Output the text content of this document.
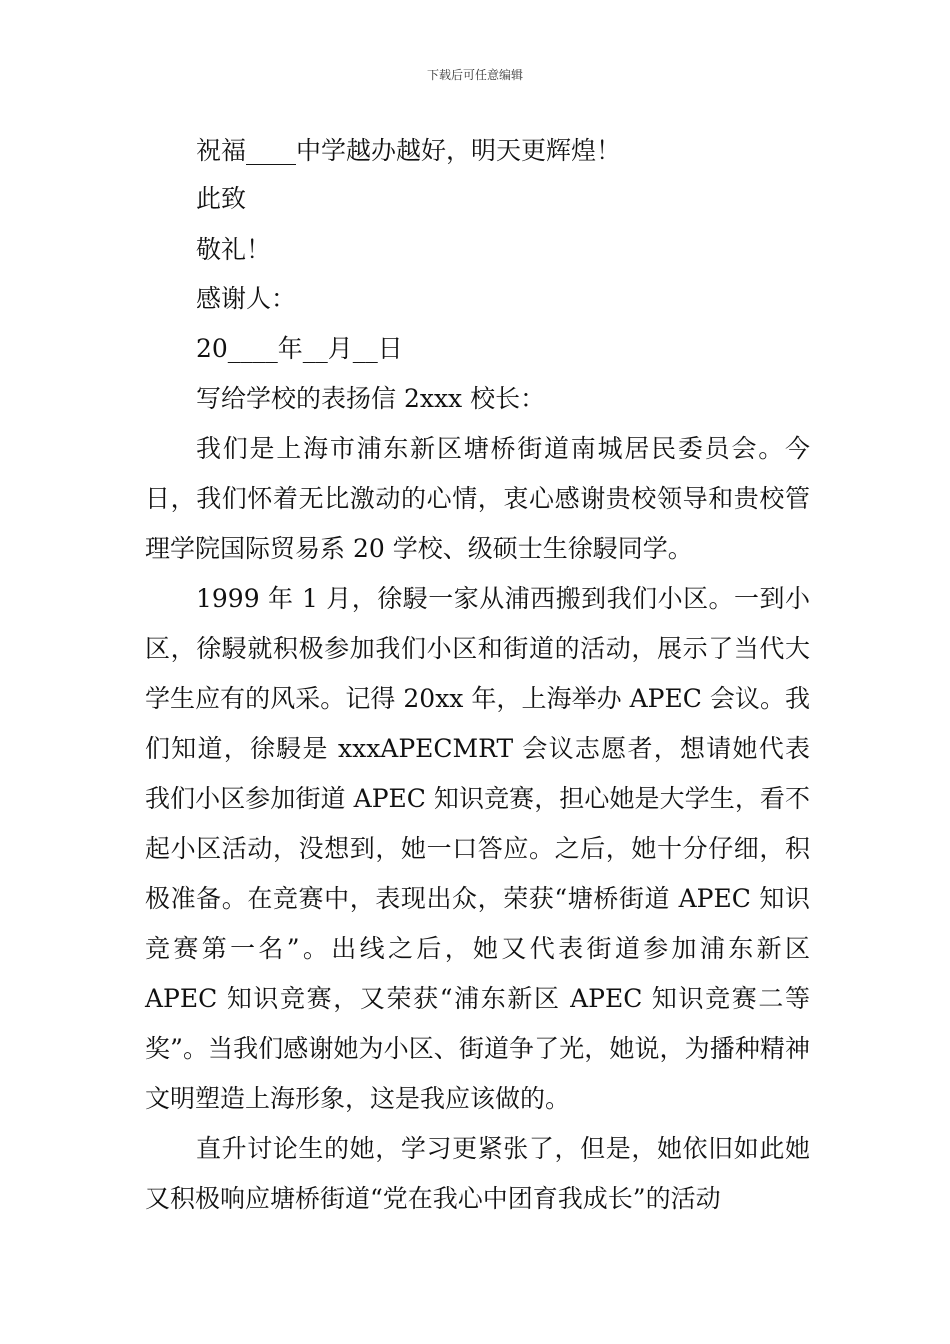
下载后可任意编辑
祝福____中学越办越好，明天更辉煌！
此致
敬礼！
感谢人：
20____年__月__日
写给学校的表扬信 2xxx 校长：

我们是上海市浦东新区塘桥街道南城居民委员会。今日，我们怀着无比激动的心情，衷心感谢贵校领导和贵校管理学院国际贸易系 20 学校、级硕士生徐駸同学。

1999 年 1 月，徐駸一家从浦西搬到我们小区。一到小区，徐駸就积极参加我们小区和街道的活动，展示了当代大学生应有的风采。记得 20xx 年，上海举办 APEC 会议。我们知道，徐駸是 xxxAPECMRT 会议志愿者，想请她代表我们小区参加街道 APEC 知识竞赛，担心她是大学生，看不起小区活动，没想到，她一口答应。之后，她十分仔细，积极准备。在竞赛中，表现出众，荣获“塘桥街道 APEC 知识竞赛第一名”。出线之后，她又代表街道参加浦东新区 APEC 知识竞赛，又荣获“浦东新区 APEC 知识竞赛二等奖”。当我们感谢她为小区、街道争了光，她说，为播种精神文明塑造上海形象，这是我应该做的。

直升讨论生的她，学习更紧张了，但是，她依旧如此她又积极响应塘桥街道“党在我心中团育我成长”的活动
